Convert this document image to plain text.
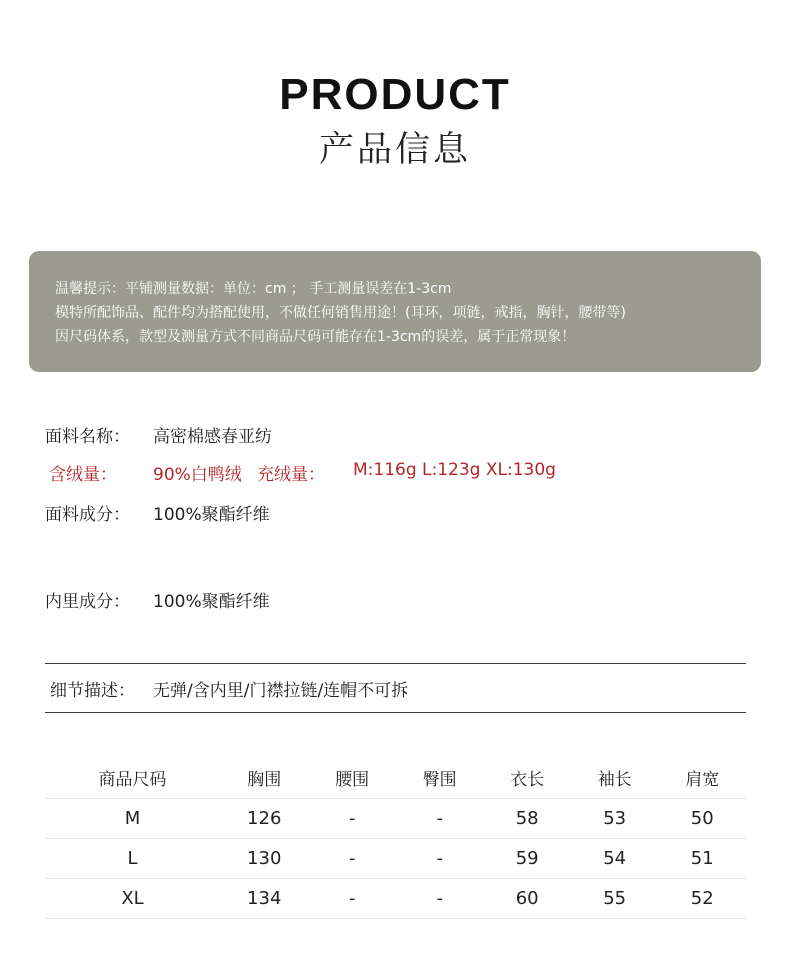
PRODUCT
产品信息
温馨提示：平铺测量数据：单位：cm ； 手工测量误差在1-3cm
模特所配饰品、配件均为搭配使用，不做任何销售用途！(耳环，项链，戒指，胸针，腰带等)
因尺码体系，款型及测量方式不同商品尺码可能存在1-3cm的误差，属于正常现象！
面料名称： 高密棉感春亚纺
含绒量： 90%白鸭绒 充绒量： M:116g L:123g XL:130g
面料成分： 100%聚酯纤维
内里成分： 100%聚酯纤维
细节描述： 无弹/含内里/门襟拉链/连帽不可拆
商品尺码	胸围	腰围	臀围	衣长	袖长	肩宽
M	126	-	-	58	53	50
L	130	-	-	59	54	51
XL	134	-	-	60	55	52
